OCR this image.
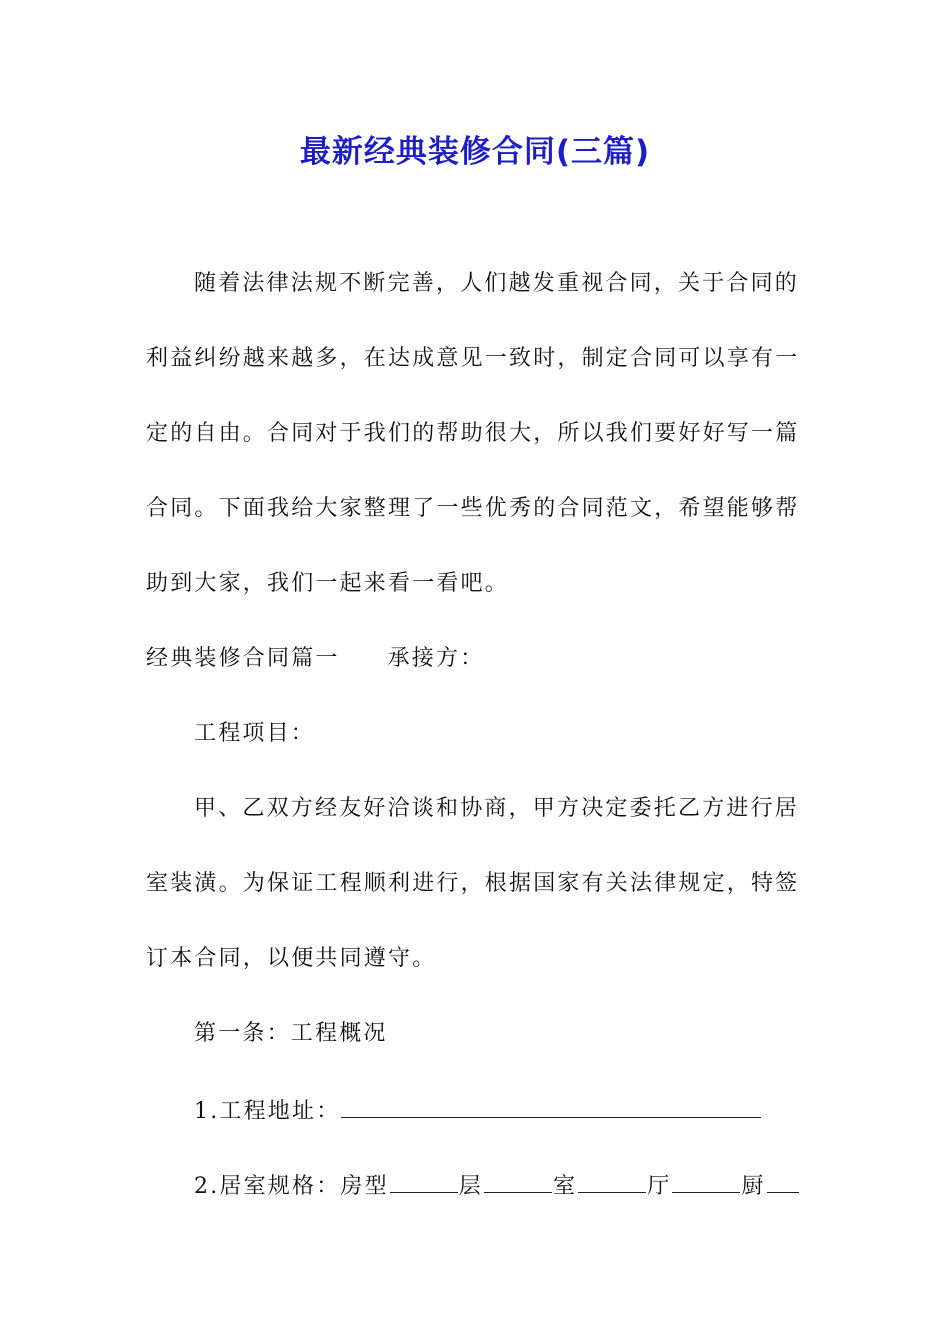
最新经典装修合同(三篇)
随着法律法规不断完善，人们越发重视合同，关于合同的
利益纠纷越来越多，在达成意见一致时，制定合同可以享有一
定的自由。合同对于我们的帮助很大，所以我们要好好写一篇
合同。下面我给大家整理了一些优秀的合同范文，希望能够帮
助到大家，我们一起来看一看吧。
经典装修合同篇一 承接方：
工程项目：
甲、乙双方经友好洽谈和协商，甲方决定委托乙方进行居
室装潢。为保证工程顺利进行，根据国家有关法律规定，特签
订本合同，以便共同遵守。
第一条：工程概况
1.工程地址：
2.居室规格：房型	层	室	厅	厨
